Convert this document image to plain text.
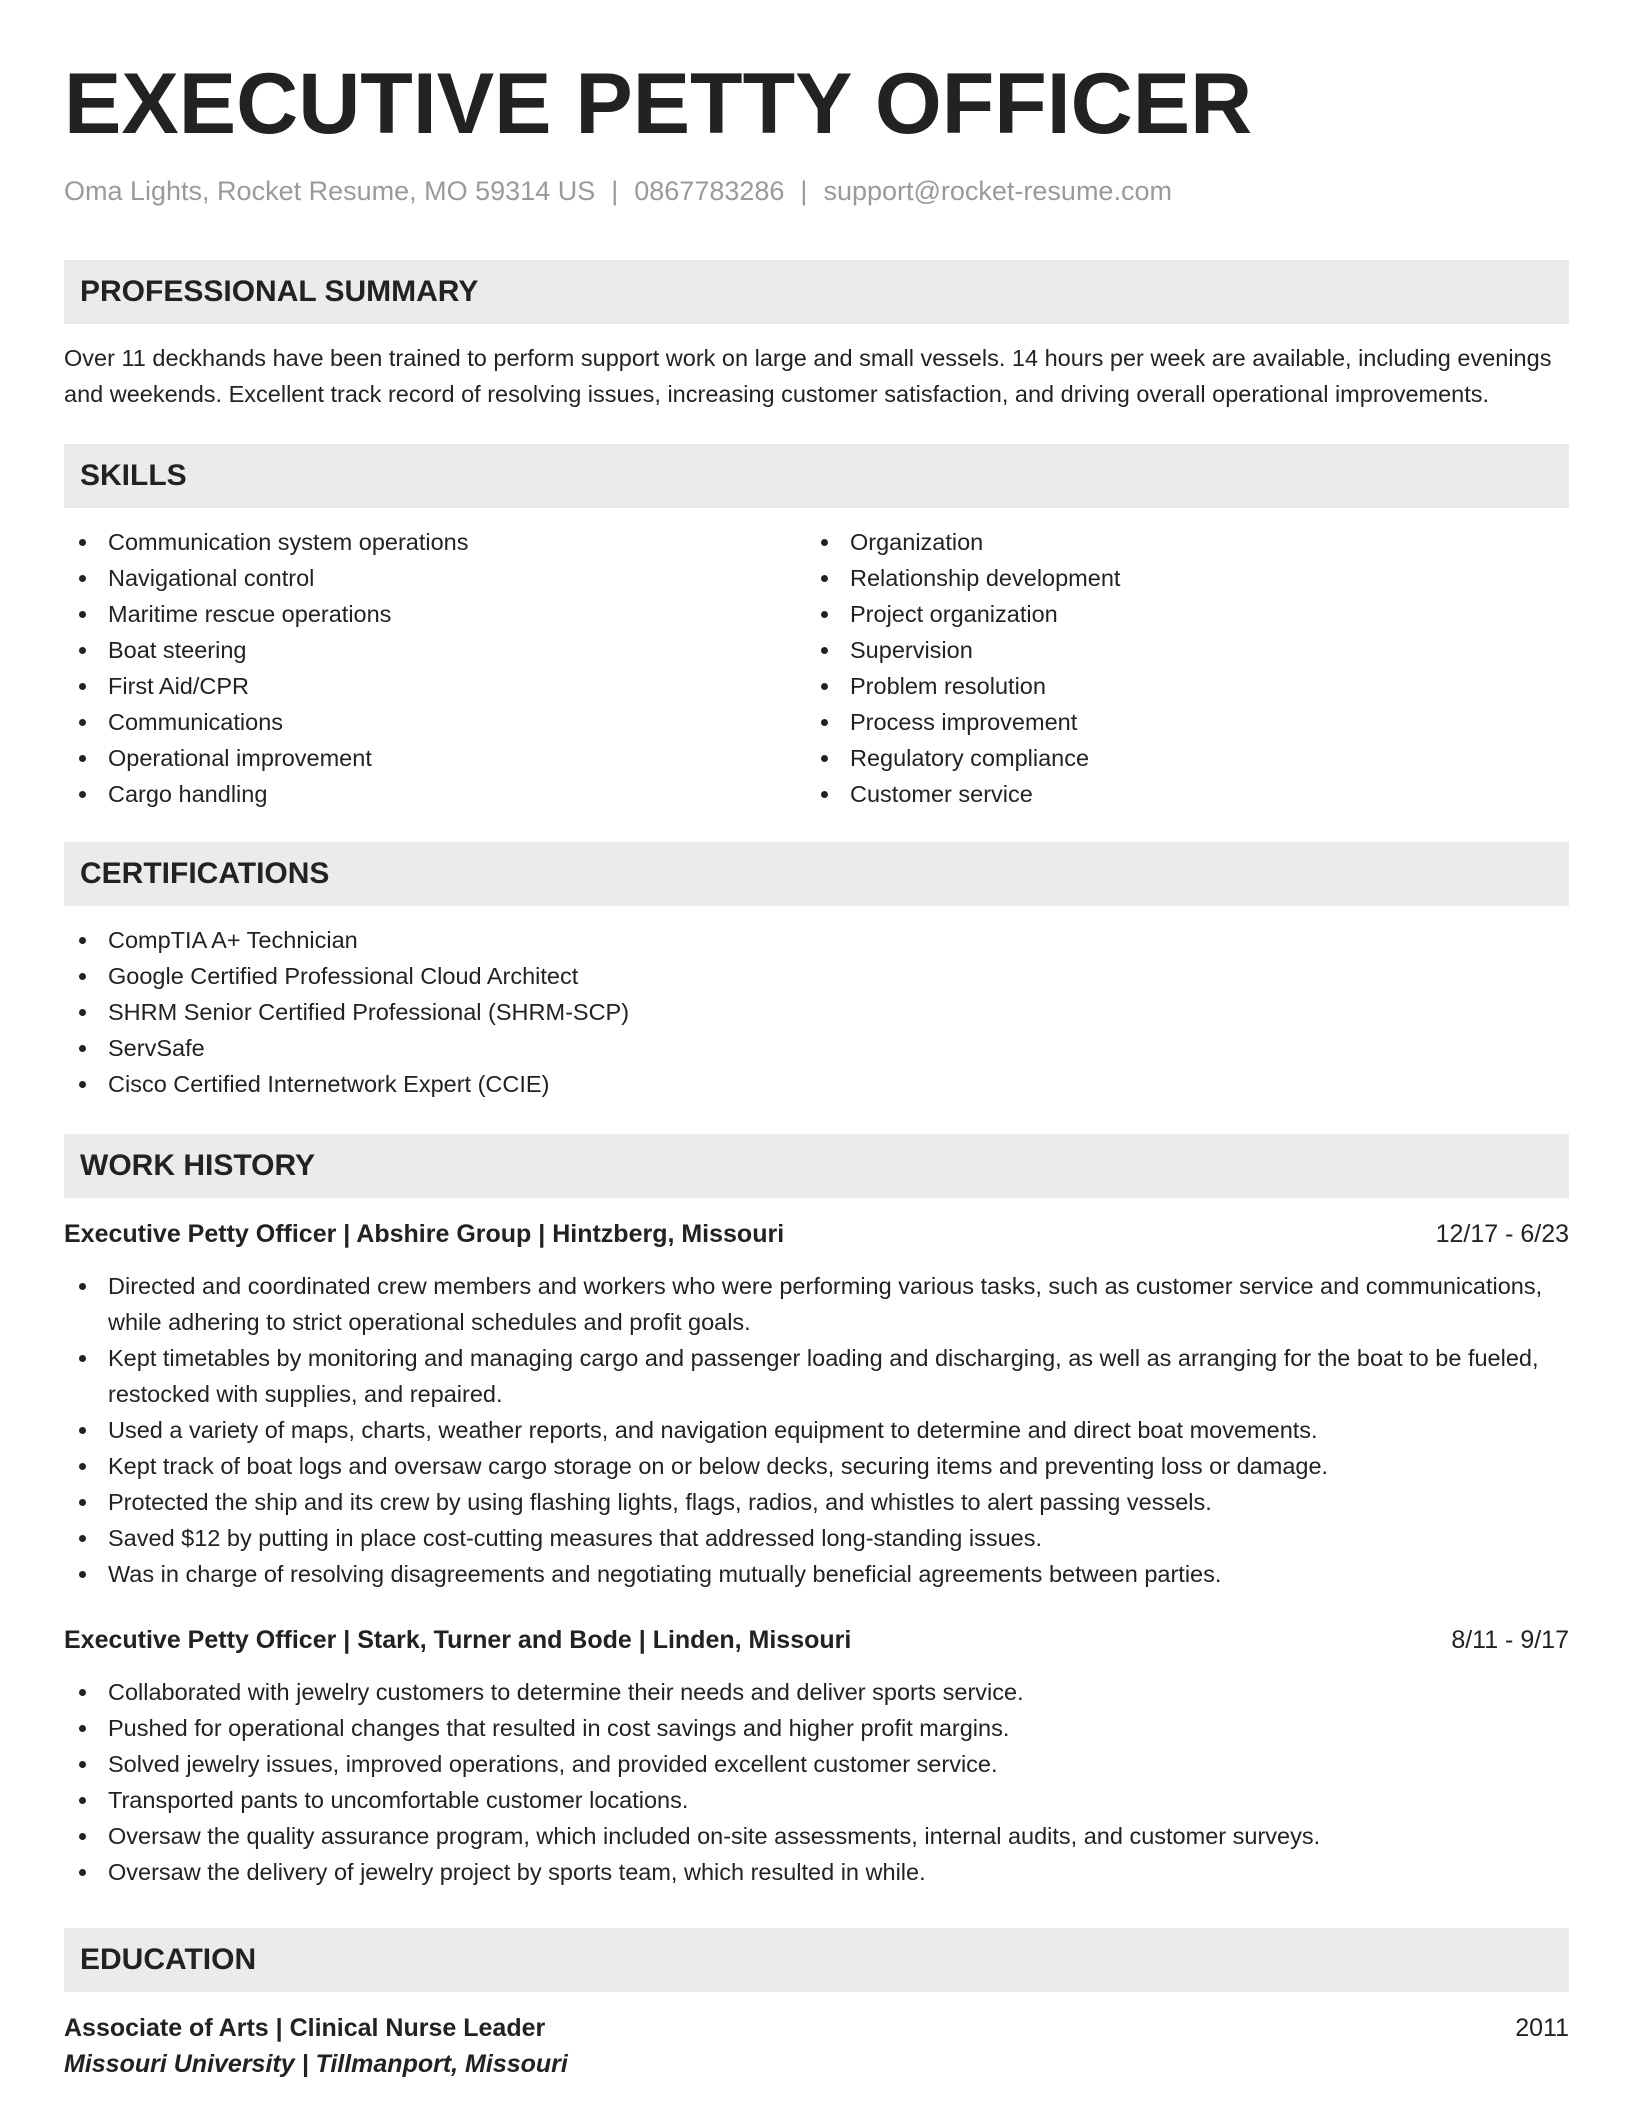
EXECUTIVE PETTY OFFICER
Oma Lights, Rocket Resume, MO 59314 US | 0867783286 | support@rocket-resume.com
PROFESSIONAL SUMMARY

Over 11 deckhands have been trained to perform support work on large and small vessels. 14 hours per week are available, including evenings and weekends. Excellent track record of resolving issues, increasing customer satisfaction, and driving overall operational improvements.

SKILLS
Communication system operations
Navigational control
Maritime rescue operations
Boat steering
First Aid/CPR
Communications
Operational improvement
Cargo handling
Organization
Relationship development
Project organization
Supervision
Problem resolution
Process improvement
Regulatory compliance
Customer service
CERTIFICATIONS
CompTIA A+ Technician
Google Certified Professional Cloud Architect
SHRM Senior Certified Professional (SHRM-SCP)
ServSafe
Cisco Certified Internetwork Expert (CCIE)
WORK HISTORY
Executive Petty Officer | Abshire Group | Hintzberg, Missouri	12/17 - 6/23
Directed and coordinated crew members and workers who were performing various tasks, such as customer service and communications, while adhering to strict operational schedules and profit goals.
Kept timetables by monitoring and managing cargo and passenger loading and discharging, as well as arranging for the boat to be fueled, restocked with supplies, and repaired.
Used a variety of maps, charts, weather reports, and navigation equipment to determine and direct boat movements.
Kept track of boat logs and oversaw cargo storage on or below decks, securing items and preventing loss or damage.
Protected the ship and its crew by using flashing lights, flags, radios, and whistles to alert passing vessels.
Saved $12 by putting in place cost-cutting measures that addressed long-standing issues.
Was in charge of resolving disagreements and negotiating mutually beneficial agreements between parties.
Executive Petty Officer | Stark, Turner and Bode | Linden, Missouri	8/11 - 9/17
Collaborated with jewelry customers to determine their needs and deliver sports service.
Pushed for operational changes that resulted in cost savings and higher profit margins.
Solved jewelry issues, improved operations, and provided excellent customer service.
Transported pants to uncomfortable customer locations.
Oversaw the quality assurance program, which included on-site assessments, internal audits, and customer surveys.
Oversaw the delivery of jewelry project by sports team, which resulted in while.
EDUCATION
Associate of Arts | Clinical Nurse Leader	2011
Missouri University | Tillmanport, Missouri
